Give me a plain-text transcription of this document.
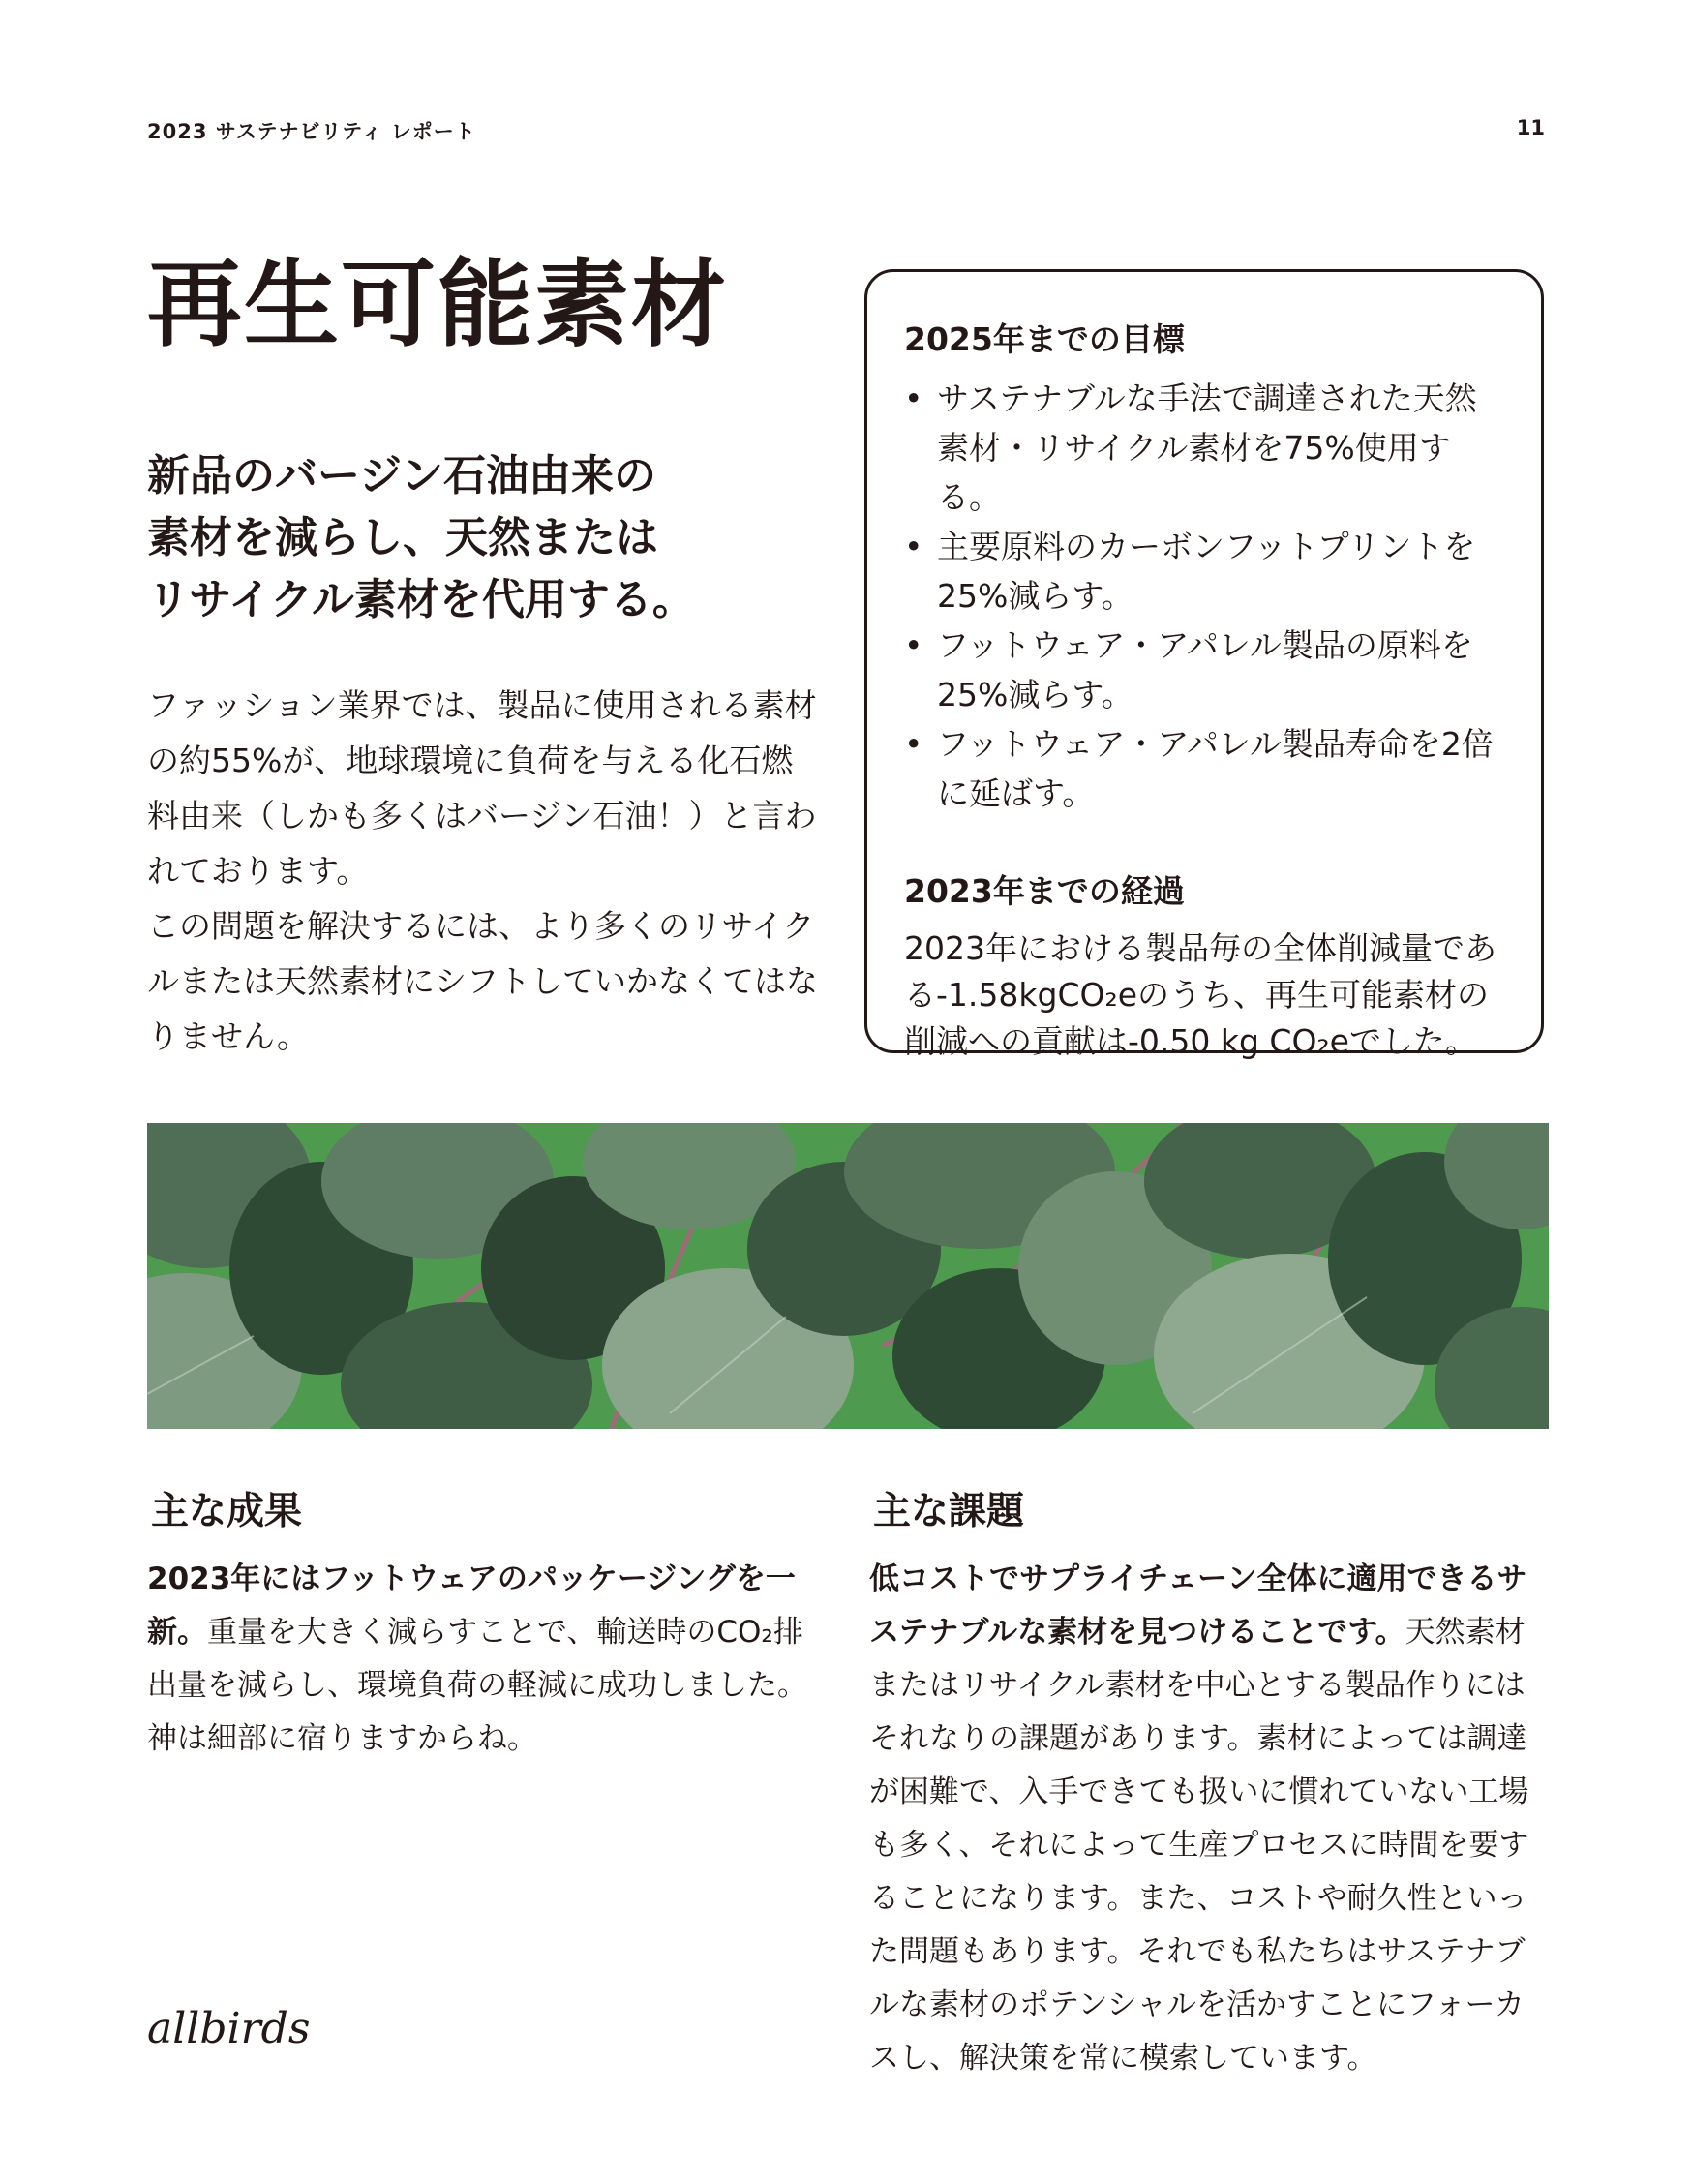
2023 サステナビリティ レポート	11
再生可能素材
新品のバージン石油由来の
素材を減らし、天然または
リサイクル素材を代用する。

ファッション業界では、製品に使用される素材の約55%が、地球環境に負荷を与える化石燃料由来（しかも多くはバージン石油！）と言われております。

この問題を解決するには、より多くのリサイクルまたは天然素材にシフトしていかなくてはなりません。

2025年までの目標
• サステナブルな手法で調達された天然素材・リサイクル素材を75%使用する。
• 主要原料のカーボンフットプリントを25%減らす。
• フットウェア・アパレル製品の原料を25%減らす。
• フットウェア・アパレル製品寿命を2倍に延ばす。
2023年までの経過
2023年における製品毎の全体削減量である-1.58kgCO₂eのうち、再生可能素材の削減への貢献は-0.50 kg CO₂eでした。
主な成果

2023年にはフットウェアのパッケージングを一新。重量を大きく減らすことで、輸送時のCO₂排出量を減らし、環境負荷の軽減に成功しました。神は細部に宿りますからね。

主な課題

低コストでサプライチェーン全体に適用できるサステナブルな素材を見つけることです。天然素材またはリサイクル素材を中心とする製品作りにはそれなりの課題があります。素材によっては調達が困難で、入手できても扱いに慣れていない工場も多く、それによって生産プロセスに時間を要することになります。また、コストや耐久性といった問題もあります。それでも私たちはサステナブルな素材のポテンシャルを活かすことにフォーカスし、解決策を常に模索しています。

allbirds
